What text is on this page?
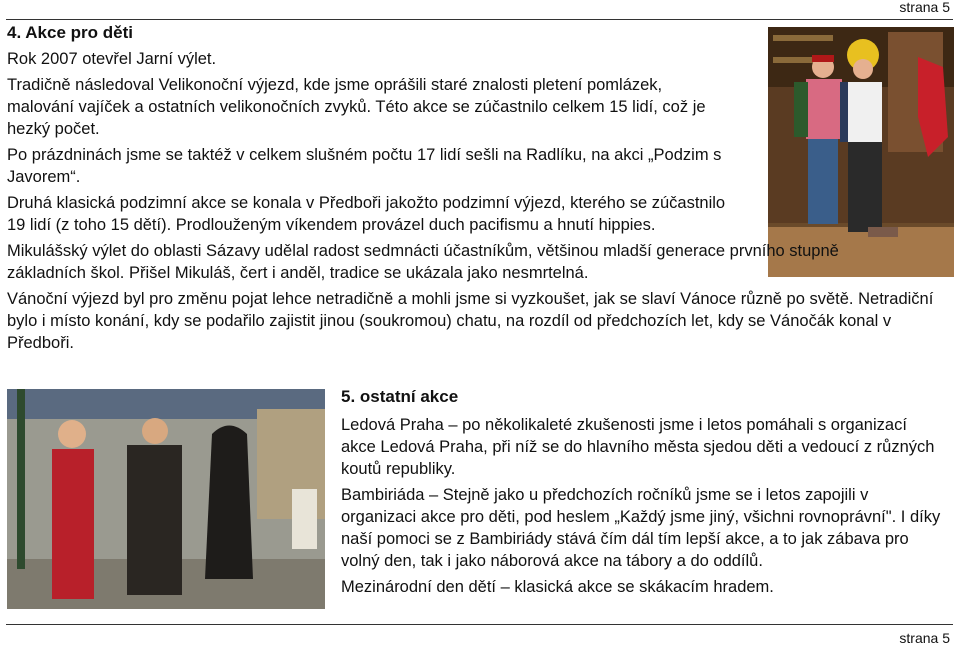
strana 5

4. Akce pro děti

Rok 2007 otevřel Jarní výlet.

Tradičně následoval Velikonoční výjezd, kde jsme oprášili staré znalosti pletení pomlázek, malování vajíček a ostatních velikonočních zvyků. Této akce se zúčastnilo celkem 15 lidí, což je hezký počet.

Po prázdninách jsme se taktéž v celkem slušném počtu 17 lidí sešli na Radlíku, na akci „Podzim s Javorem“.

Druhá klasická podzimní akce se konala v Předboři jakožto podzimní výjezd, kterého se zúčastnilo 19 lidí (z toho 15 dětí). Prodlouženým víkendem provázel duch pacifismu a hnutí hippies.

Mikulášský výlet do oblasti Sázavy udělal radost sedmnácti účastníkům, většinou mladší generace prvního stupně základních škol. Přišel Mikuláš, čert i anděl, tradice se ukázala jako nesmrtelná.

Vánoční výjezd byl pro změnu pojat lehce netradičně a mohli jsme si vyzkoušet, jak se slaví Vánoce různě po světě. Netradiční bylo i místo konání, kdy se podařilo zajistit jinou (soukromou) chatu, na rozdíl od předchozích let, kdy se Vánočák konal v Předboři.

5. ostatní akce

Ledová Praha – po několikaleté zkušenosti jsme i letos pomáhali s organizací akce Ledová Praha, při níž se do hlavního města sjedou děti a vedoucí z různých koutů republiky.

Bambiriáda – Stejně jako u předchozích ročníků jsme se i letos zapojili v organizaci akce pro děti, pod heslem „Každý jsme jiný, všichni rovnoprávní". I díky naší pomoci se z Bambiriády stává čím dál tím lepší akce, a to jak zábava pro volný den, tak i jako náborová akce na tábory a do oddílů.

Mezinárodní den dětí – klasická akce se skákacím hradem.

strana 5
